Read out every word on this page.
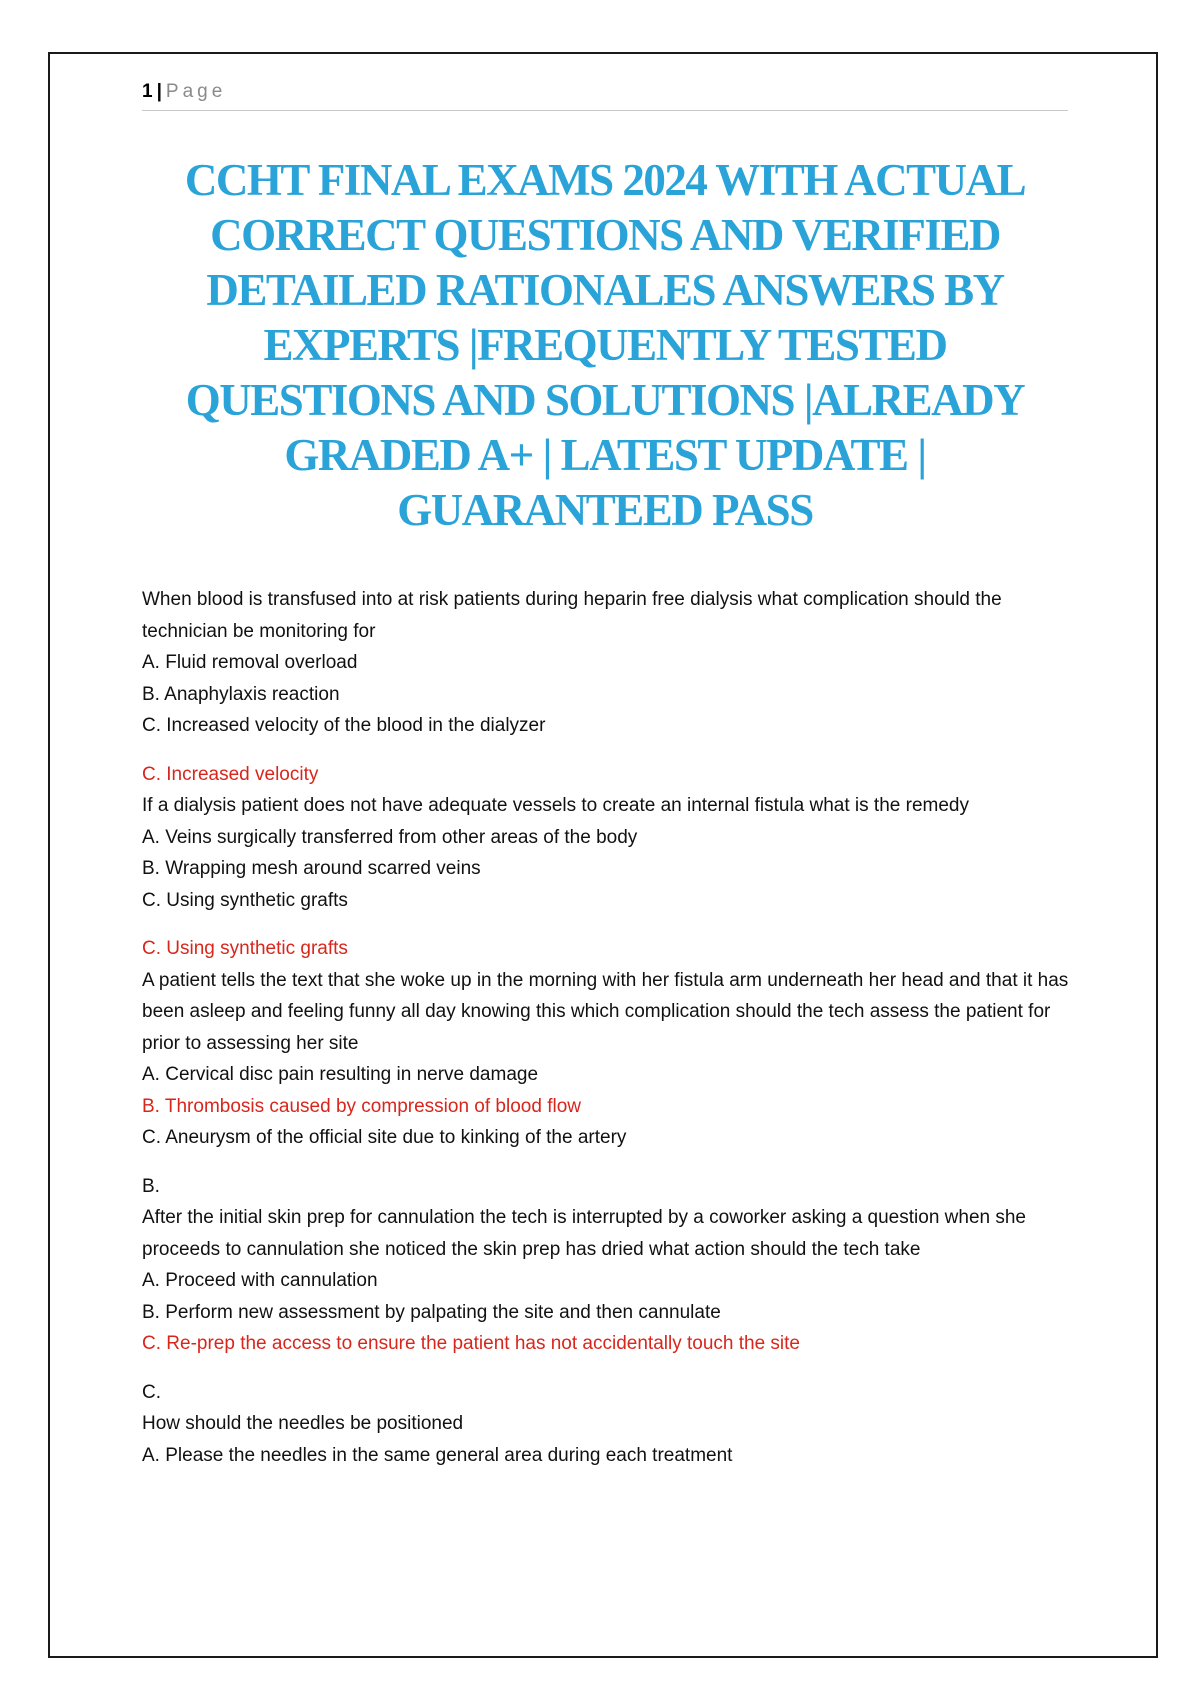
1 | Page
CCHT FINAL EXAMS 2024 WITH ACTUAL CORRECT QUESTIONS AND VERIFIED DETAILED RATIONALES ANSWERS BY EXPERTS |FREQUENTLY TESTED QUESTIONS AND SOLUTIONS |ALREADY GRADED A+ | LATEST UPDATE | GUARANTEED PASS

When blood is transfused into at risk patients during heparin free dialysis what complication should the technician be monitoring for

A. Fluid removal overload

B. Anaphylaxis reaction

C. Increased velocity of the blood in the dialyzer

C. Increased velocity

If a dialysis patient does not have adequate vessels to create an internal fistula what is the remedy

A. Veins surgically transferred from other areas of the body

B. Wrapping mesh around scarred veins

C. Using synthetic grafts

C. Using synthetic grafts

A patient tells the text that she woke up in the morning with her fistula arm underneath her head and that it has been asleep and feeling funny all day knowing this which complication should the tech assess the patient for prior to assessing her site

A. Cervical disc pain resulting in nerve damage

B. Thrombosis caused by compression of blood flow

C. Aneurysm of the official site due to kinking of the artery

B.

After the initial skin prep for cannulation the tech is interrupted by a coworker asking a question when she proceeds to cannulation she noticed the skin prep has dried what action should the tech take

A. Proceed with cannulation

B. Perform new assessment by palpating the site and then cannulate

C. Re-prep the access to ensure the patient has not accidentally touch the site

C.

How should the needles be positioned

A. Please the needles in the same general area during each treatment
